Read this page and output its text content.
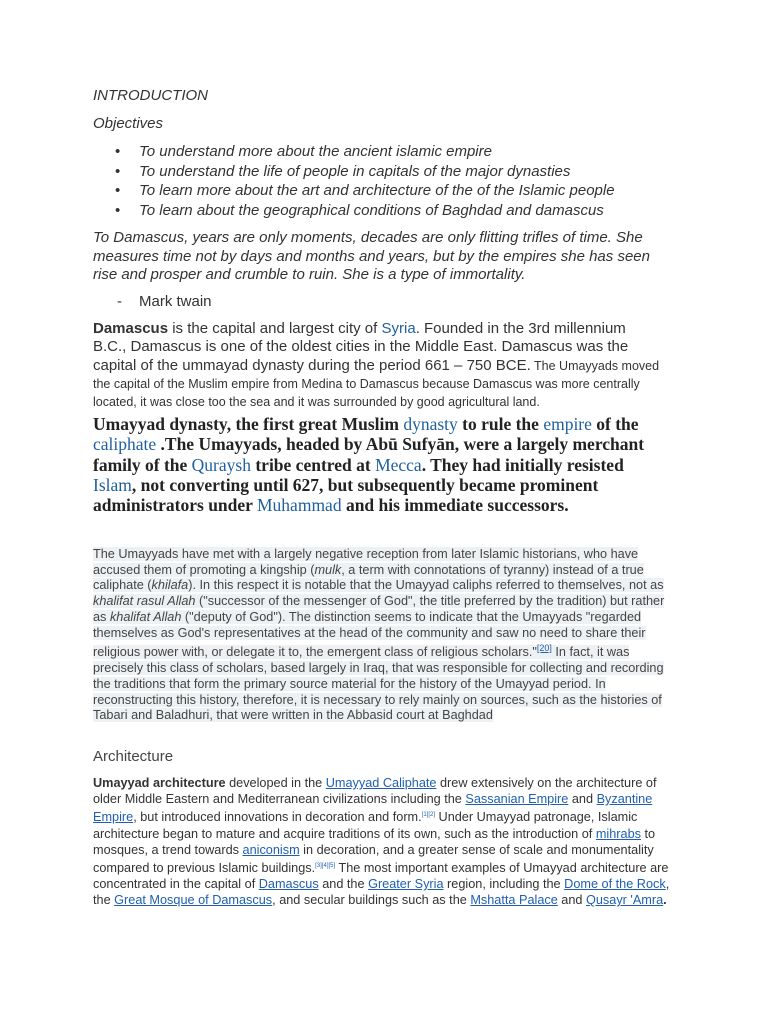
INTRODUCTION
Objectives
• To understand more about the ancient islamic empire
• To understand the life of people in capitals of the major dynasties
• To learn more about the art and architecture of the of the Islamic people
• To learn about the geographical conditions of Baghdad and damascus
To Damascus, years are only moments, decades are only flitting trifles of time. She measures time not by days and months and years, but by the empires she has seen rise and prosper and crumble to ruin. She is a type of immortality.
- Mark twain
Damascus is the capital and largest city of Syria. Founded in the 3rd millennium B.C., Damascus is one of the oldest cities in the Middle East. Damascus was the capital of the ummayad dynasty during the period 661 – 750 BCE. The Umayyads moved the capital of the Muslim empire from Medina to Damascus because Damascus was more centrally located, it was close too the sea and it was surrounded by good agricultural land.
Umayyad dynasty, the first great Muslim dynasty to rule the empire of the caliphate .The Umayyads, headed by Abū Sufyān, were a largely merchant family of the Quraysh tribe centred at Mecca. They had initially resisted Islam, not converting until 627, but subsequently became prominent administrators under Muhammad and his immediate successors.
The Umayyads have met with a largely negative reception from later Islamic historians, who have accused them of promoting a kingship (mulk, a term with connotations of tyranny) instead of a true caliphate (khilafa). In this respect it is notable that the Umayyad caliphs referred to themselves, not as khalifat rasul Allah ("successor of the messenger of God", the title preferred by the tradition) but rather as khalifat Allah ("deputy of God"). The distinction seems to indicate that the Umayyads "regarded themselves as God's representatives at the head of the community and saw no need to share their religious power with, or delegate it to, the emergent class of religious scholars."[20] In fact, it was precisely this class of scholars, based largely in Iraq, that was responsible for collecting and recording the traditions that form the primary source material for the history of the Umayyad period. In reconstructing this history, therefore, it is necessary to rely mainly on sources, such as the histories of Tabari and Baladhuri, that were written in the Abbasid court at Baghdad
Architecture
Umayyad architecture developed in the Umayyad Caliphate drew extensively on the architecture of older Middle Eastern and Mediterranean civilizations including the Sassanian Empire and Byzantine Empire, but introduced innovations in decoration and form.[1][2] Under Umayyad patronage, Islamic architecture began to mature and acquire traditions of its own, such as the introduction of mihrabs to mosques, a trend towards aniconism in decoration, and a greater sense of scale and monumentality compared to previous Islamic buildings.[3][4][5] The most important examples of Umayyad architecture are concentrated in the capital of Damascus and the Greater Syria region, including the Dome of the Rock, the Great Mosque of Damascus, and secular buildings such as the Mshatta Palace and Qusayr 'Amra.
